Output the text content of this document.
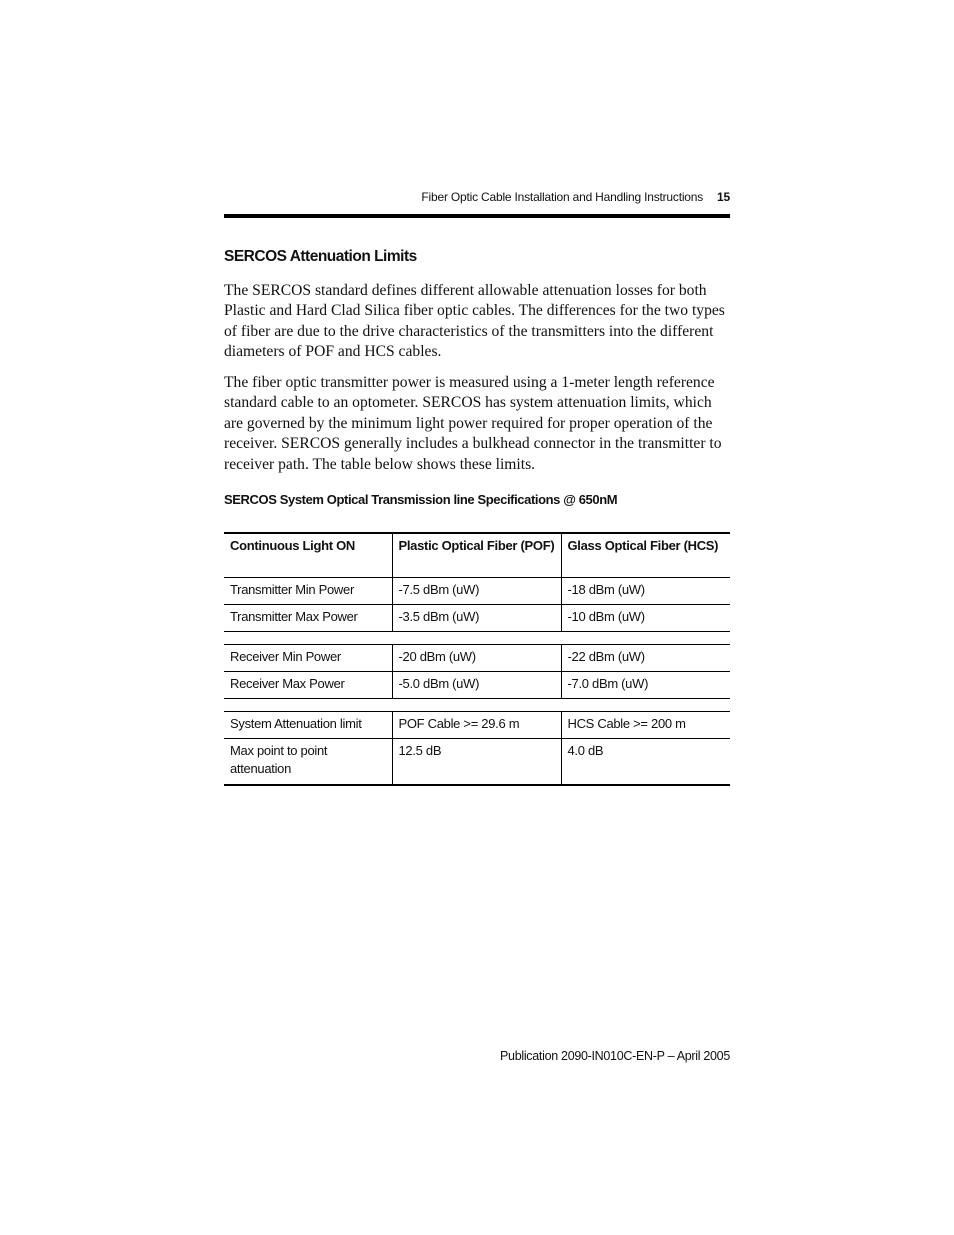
Fiber Optic Cable Installation and Handling Instructions 15
SERCOS Attenuation Limits

The SERCOS standard defines different allowable attenuation losses for both Plastic and Hard Clad Silica fiber optic cables. The differences for the two types of fiber are due to the drive characteristics of the transmitters into the different diameters of POF and HCS cables.

The fiber optic transmitter power is measured using a 1-meter length reference standard cable to an optometer. SERCOS has system attenuation limits, which are governed by the minimum light power required for proper operation of the receiver. SERCOS generally includes a bulkhead connector in the transmitter to receiver path. The table below shows these limits.

SERCOS System Optical Transmission line Specifications @ 650nM
Continuous Light ON	Plastic Optical Fiber (POF)	Glass Optical Fiber (HCS)
Transmitter Min Power	-7.5 dBm (uW)	-18 dBm (uW)
Transmitter Max Power	-3.5 dBm (uW)	-10 dBm (uW)

Receiver Min Power	-20 dBm (uW)	-22 dBm (uW)
Receiver Max Power	-5.0 dBm (uW)	-7.0 dBm (uW)

System Attenuation limit	POF Cable >= 29.6 m	HCS Cable >= 200 m
Max point to point attenuation	12.5 dB	4.0 dB
Publication 2090-IN010C-EN-P – April 2005
